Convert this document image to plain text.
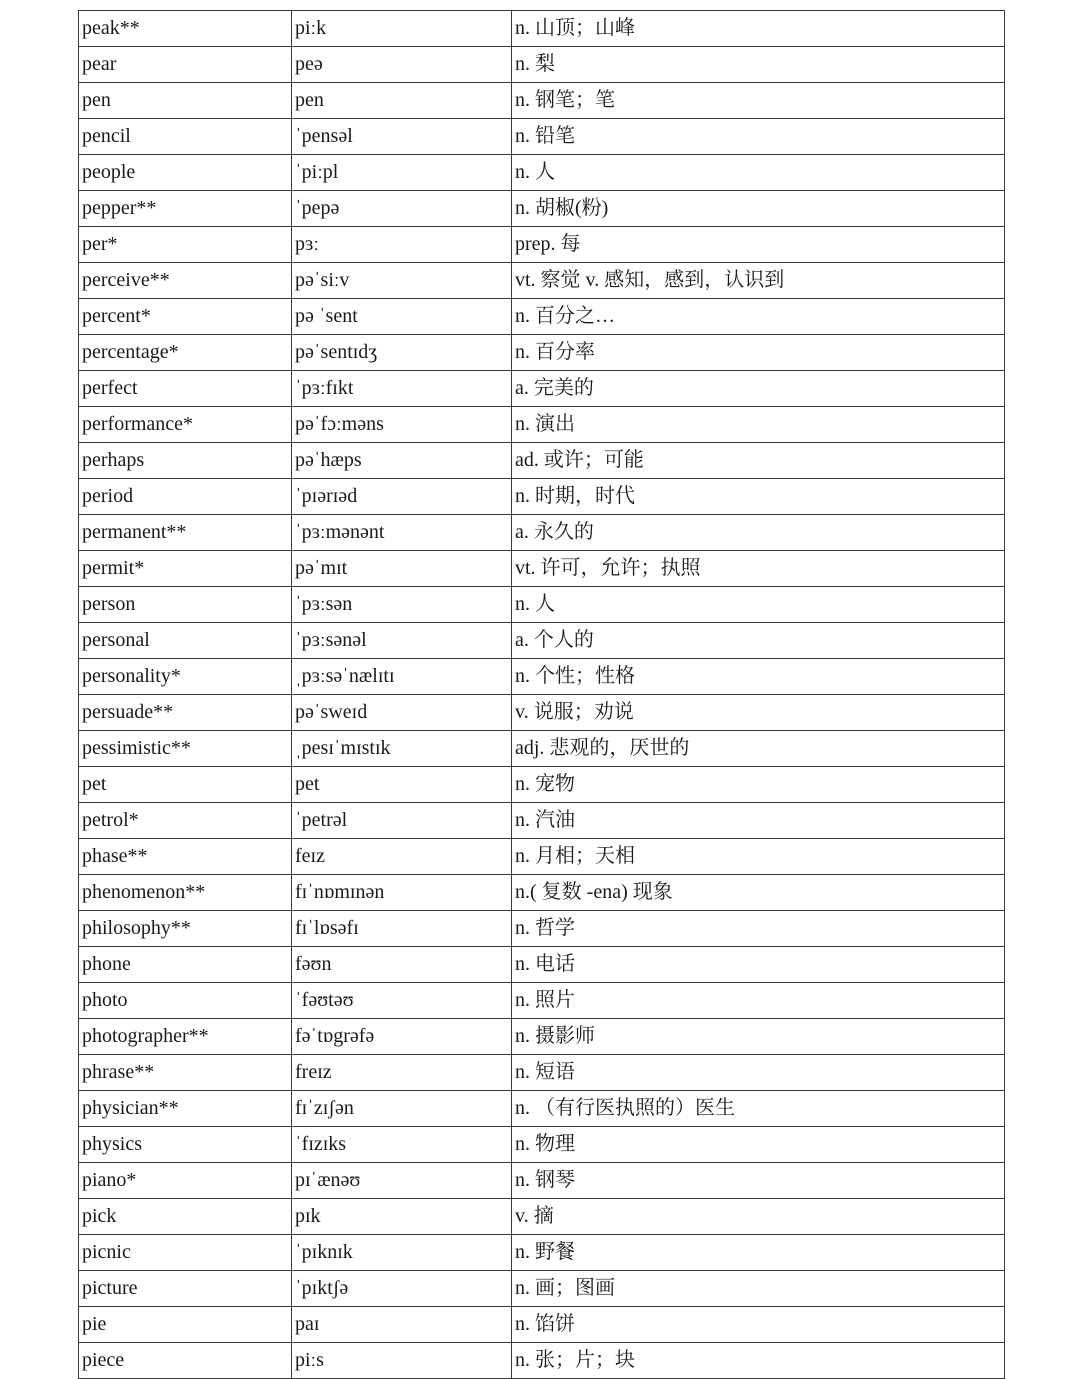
peak**	piːk	n. 山顶；山峰
pear	peə	n. 梨
pen	pen	n. 钢笔；笔
pencil	ˈpensəl	n. 铅笔
people	ˈpiːpl	n. 人
pepper**	ˈpepə	n. 胡椒(粉)
per*	pɜː	prep. 每
perceive**	pəˈsiːv	vt. 察觉 v. 感知，感到，认识到
percent*	pə ˈsent	n. 百分之…
percentage*	pəˈsentɪdʒ	n. 百分率
perfect	ˈpɜːfɪkt	a. 完美的
performance*	pəˈfɔːməns	n. 演出
perhaps	pəˈhæps	ad. 或许；可能
period	ˈpɪərɪəd	n. 时期，时代
permanent**	ˈpɜːmənənt	a. 永久的
permit*	pəˈmɪt	vt. 许可，允许；执照
person	ˈpɜːsən	n. 人
personal	ˈpɜːsənəl	a. 个人的
personality*	ˌpɜːsəˈnælɪtɪ	n. 个性；性格
persuade**	pəˈsweɪd	v. 说服；劝说
pessimistic**	ˌpesɪˈmɪstɪk	adj. 悲观的，厌世的
pet	pet	n. 宠物
petrol*	ˈpetrəl	n. 汽油
phase**	feɪz	n. 月相；天相
phenomenon**	fɪˈnɒmɪnən	n.( 复数 -ena) 现象
philosophy**	fɪˈlɒsəfɪ	n. 哲学
phone	fəʊn	n. 电话
photo	ˈfəʊtəʊ	n. 照片
photographer**	fəˈtɒgrəfə	n. 摄影师
phrase**	freɪz	n. 短语
physician**	fɪˈzɪʃən	n. （有行医执照的）医生
physics	ˈfɪzɪks	n. 物理
piano*	pɪˈænəʊ	n. 钢琴
pick	pɪk	v. 摘
picnic	ˈpɪknɪk	n. 野餐
picture	ˈpɪktʃə	n. 画；图画
pie	paɪ	n. 馅饼
piece	piːs	n. 张；片；块
